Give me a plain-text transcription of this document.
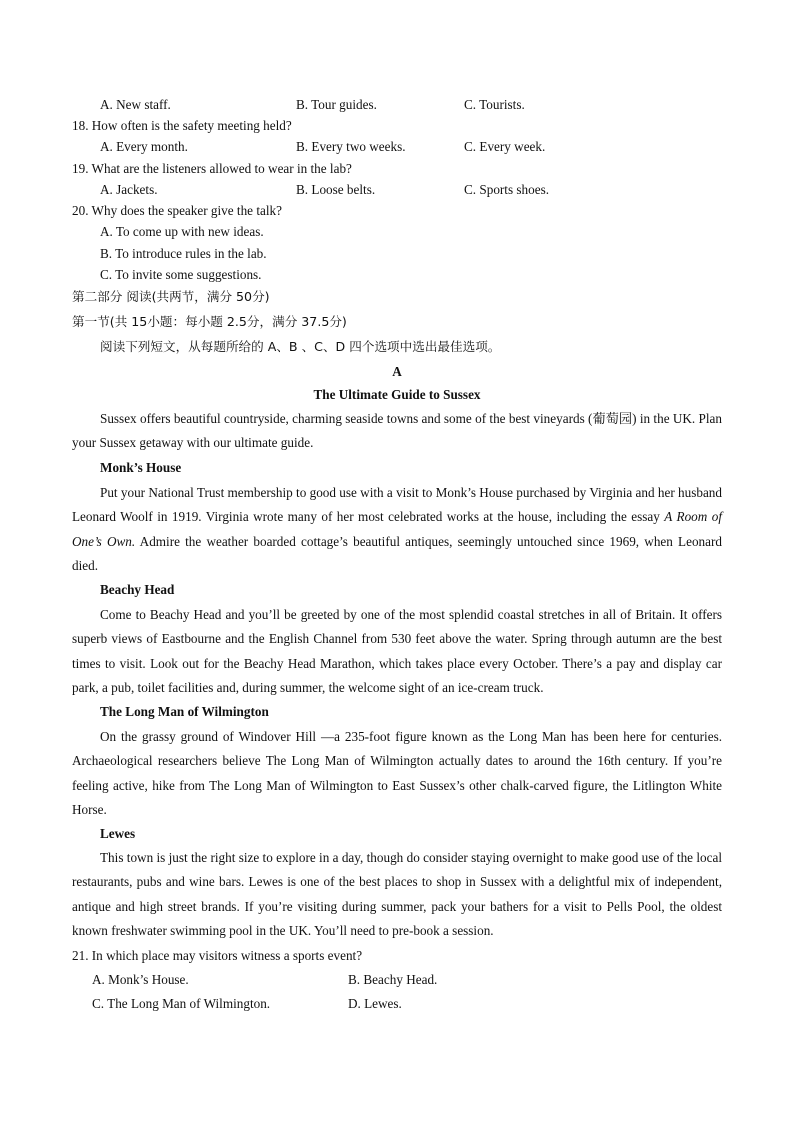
A. New staff.	B. Tour guides.	C. Tourists.
18. How often is the safety meeting held?
A. Every month.	B. Every two weeks.	C. Every week.
19. What are the listeners allowed to wear in the lab?
A. Jackets.	B. Loose belts.	C. Sports shoes.
20. Why does the speaker give the talk?
A. To come up with new ideas.
B. To introduce rules in the lab.
C. To invite some suggestions.
第二部分 阅读(共两节，满分 50分)
第一节(共 15小题：每小题 2.5分，满分 37.5分)
阅读下列短文，从每题所给的 A、B 、C、D 四个选项中选出最佳选项。
A
The Ultimate Guide to Sussex

Sussex offers beautiful countryside, charming seaside towns and some of the best vineyards (葡萄园) in the UK. Plan your Sussex getaway with our ultimate guide.

Monk’s House

Put your National Trust membership to good use with a visit to Monk’s House purchased by Virginia and her husband Leonard Woolf in 1919. Virginia wrote many of her most celebrated works at the house, including the essay A Room of One’s Own. Admire the weather boarded cottage’s beautiful antiques, seemingly untouched since 1969, when Leonard died.

Beachy Head

Come to Beachy Head and you’ll be greeted by one of the most splendid coastal stretches in all of Britain. It offers superb views of Eastbourne and the English Channel from 530 feet above the water. Spring through autumn are the best times to visit. Look out for the Beachy Head Marathon, which takes place every October. There’s a pay and display car park, a pub, toilet facilities and, during summer, the welcome sight of an ice-cream truck.

The Long Man of Wilmington

On the grassy ground of Windover Hill —a 235-foot figure known as the Long Man has been here for centuries. Archaeological researchers believe The Long Man of Wilmington actually dates to around the 16th century. If you’re feeling active, hike from The Long Man of Wilmington to East Sussex’s other chalk-carved figure, the Litlington White Horse.

Lewes

This town is just the right size to explore in a day, though do consider staying overnight to make good use of the local restaurants, pubs and wine bars. Lewes is one of the best places to shop in Sussex with a delightful mix of independent, antique and high street brands. If you’re visiting during summer, pack your bathers for a visit to Pells Pool, the oldest known freshwater swimming pool in the UK. You’ll need to pre-book a session.

21. In which place may visitors witness a sports event?
A. Monk’s House.	B. Beachy Head.
C. The Long Man of Wilmington.	D. Lewes.
